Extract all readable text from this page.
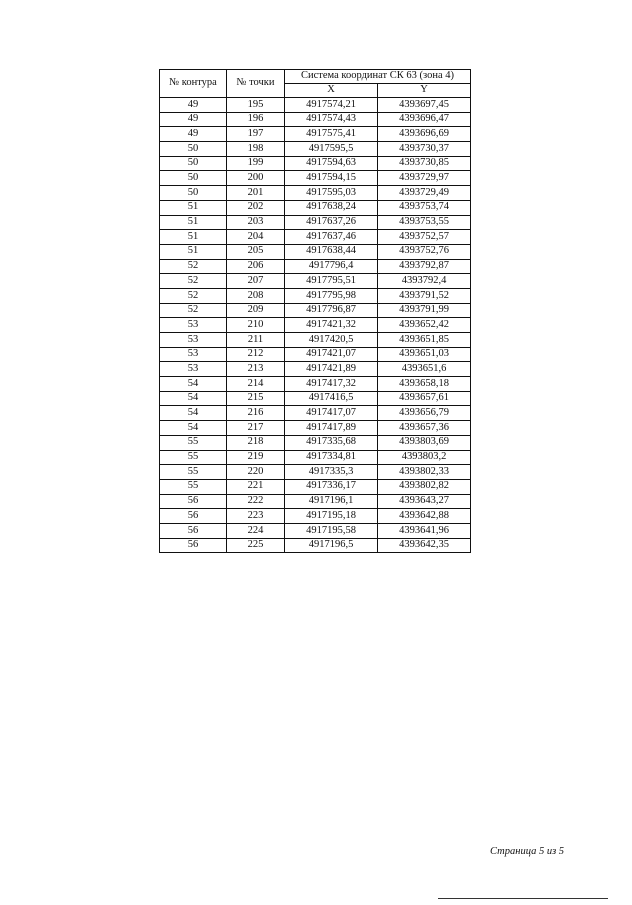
№ контура	№ точки	Система координат СК 63 (зона 4)	
		X	Y
49	195	4917574,21	4393697,45
49	196	4917574,43	4393696,47
49	197	4917575,41	4393696,69
50	198	4917595,5	4393730,37
50	199	4917594,63	4393730,85
50	200	4917594,15	4393729,97
50	201	4917595,03	4393729,49
51	202	4917638,24	4393753,74
51	203	4917637,26	4393753,55
51	204	4917637,46	4393752,57
51	205	4917638,44	4393752,76
52	206	4917796,4	4393792,87
52	207	4917795,51	4393792,4
52	208	4917795,98	4393791,52
52	209	4917796,87	4393791,99
53	210	4917421,32	4393652,42
53	211	4917420,5	4393651,85
53	212	4917421,07	4393651,03
53	213	4917421,89	4393651,6
54	214	4917417,32	4393658,18
54	215	4917416,5	4393657,61
54	216	4917417,07	4393656,79
54	217	4917417,89	4393657,36
55	218	4917335,68	4393803,69
55	219	4917334,81	4393803,2
55	220	4917335,3	4393802,33
55	221	4917336,17	4393802,82
56	222	4917196,1	4393643,27
56	223	4917195,18	4393642,88
56	224	4917195,58	4393641,96
56	225	4917196,5	4393642,35
Страница 5 из 5
